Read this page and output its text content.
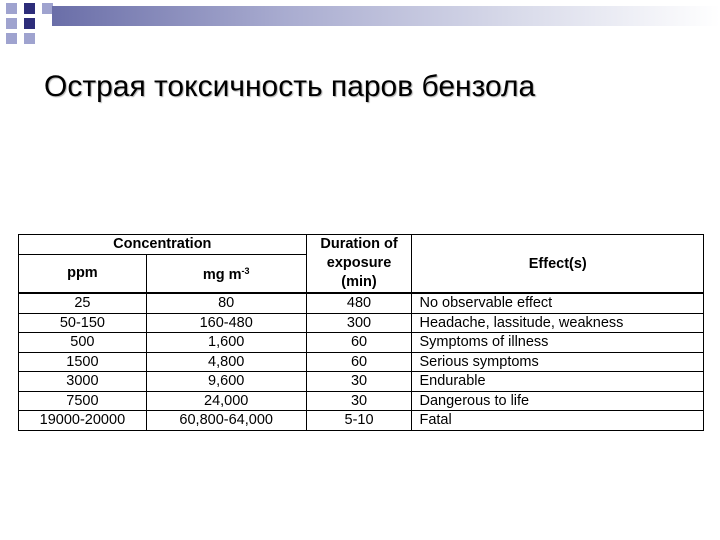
Острая токсичность паров бензола
Concentration		Duration of exposure (min)	Effect(s)
ppm	mg $m^{-3}$
25	80	480	No observable effect
50-150	160-480	300	Headache, lassitude, weakness
500	1,600	60	Symptoms of illness
1500	4,800	60	Serious symptoms
3000	9,600	30	Endurable
7500	24,000	30	Dangerous to life
19000-20000	60,800-64,000	5-10	Fatal
